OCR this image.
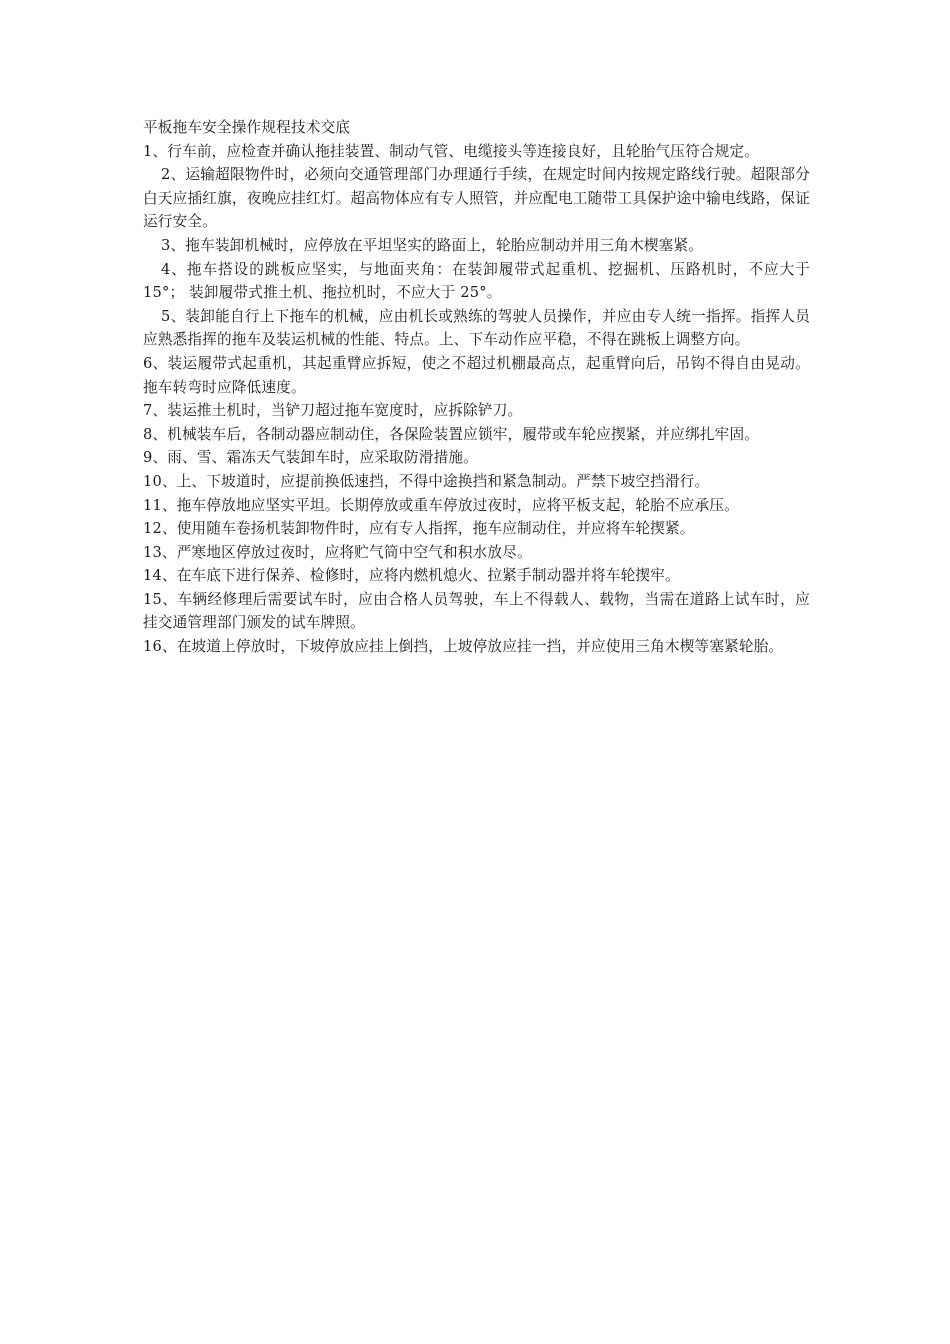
平板拖车安全操作规程技术交底

1、行车前，应检查并确认拖挂装置、制动气管、电缆接头等连接良好，且轮胎气压符合规定。

2、运输超限物件时，必须向交通管理部门办理通行手续，在规定时间内按规定路线行驶。超限部分白天应插红旗，夜晚应挂红灯。超高物体应有专人照管，并应配电工随带工具保护途中输电线路，保证运行安全。

3、拖车装卸机械时，应停放在平坦坚实的路面上，轮胎应制动并用三角木楔塞紧。

4、拖车搭设的跳板应坚实，与地面夹角：在装卸履带式起重机、挖掘机、压路机时，不应大于 15°； 装卸履带式推土机、拖拉机时，不应大于 25°。

5、装卸能自行上下拖车的机械，应由机长或熟练的驾驶人员操作，并应由专人统一指挥。指挥人员应熟悉指挥的拖车及装运机械的性能、特点。上、下车动作应平稳，不得在跳板上调整方向。

6、装运履带式起重机，其起重臂应拆短，使之不超过机棚最高点，起重臂向后，吊钩不得自由晃动。拖车转弯时应降低速度。

7、装运推土机时，当铲刀超过拖车宽度时，应拆除铲刀。

8、机械装车后，各制动器应制动住，各保险装置应锁牢，履带或车轮应揳紧，并应绑扎牢固。

9、雨、雪、霜冻天气装卸车时，应采取防滑措施。

10、上、下坡道时，应提前换低速挡，不得中途换挡和紧急制动。严禁下坡空挡滑行。

11、拖车停放地应坚实平坦。长期停放或重车停放过夜时，应将平板支起，轮胎不应承压。

12、使用随车卷扬机装卸物件时，应有专人指挥，拖车应制动住，并应将车轮揳紧。

13、严寒地区停放过夜时，应将贮气筒中空气和积水放尽。

14、在车底下进行保养、检修时，应将内燃机熄火、拉紧手制动器并将车轮揳牢。

15、车辆经修理后需要试车时，应由合格人员驾驶，车上不得载人、载物，当需在道路上试车时，应挂交通管理部门颁发的试车牌照。

16、在坡道上停放时，下坡停放应挂上倒挡，上坡停放应挂一挡，并应使用三角木楔等塞紧轮胎。
